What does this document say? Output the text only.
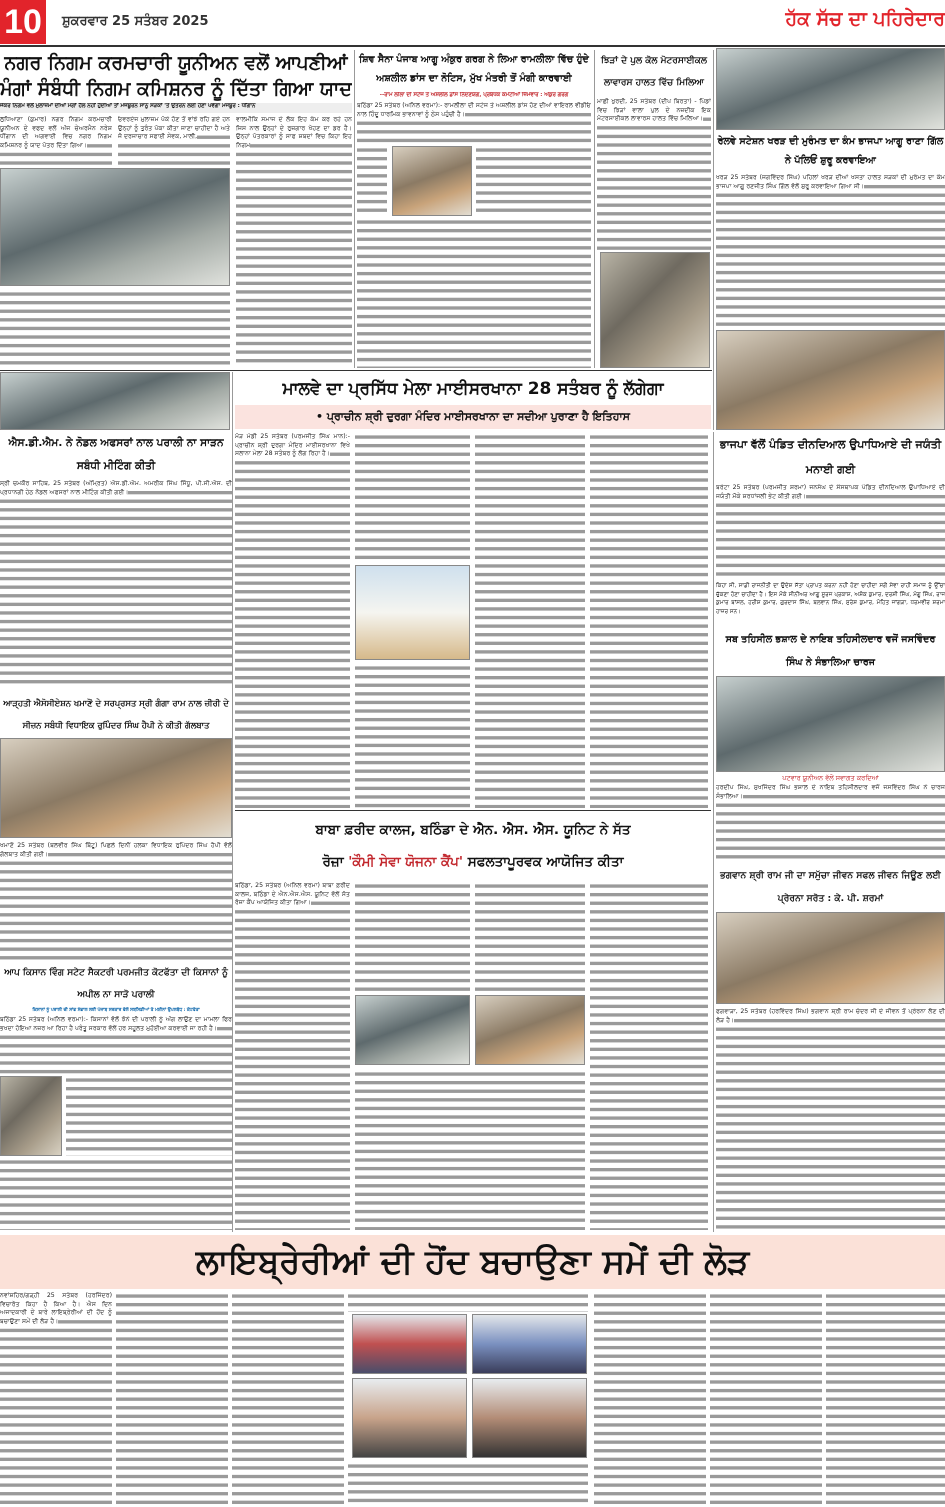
10	ਸ਼ੁਕਰਵਾਰ 25 ਸਤੰਬਰ 2025	ਹੱਕ ਸੱਚ ਦਾ ਪਹਿਰੇਦਾਰ
ਨਗਰ ਨਿਗਮ ਕਰਮਚਾਰੀ ਯੂਨੀਅਨ ਵਲੋਂ ਆਪਣੀਆਂ ਮੰਗਾਂ ਸੰਬੰਧੀ ਨਿਗਮ ਕਮਿਸ਼ਨਰ ਨੂੰ ਦਿੱਤਾ ਗਿਆ ਯਾਦ
ਜੇਕਰ ਨਿਗਮ ਵਲੋਂ ਮੁਲਾਜ਼ਮਾਂ ਦੀਆਂ ਮੰਗਾਂ ਹੱਲ ਨਹੀਂ ਹੁੰਦੀਆਂ ਤਾਂ ਮਜਬੂਰਨ ਸਾਨੂੰ ਸੜਕਾਂ 'ਤੇ ਉਤਰਨ ਲਈ ਹੋਣਾ ਪਵੇਗਾ ਮਜਬੂਰ : ਧੀਂਗਾਨ
ਲੁਧਿਆਣਾ (ਕੁਮਾਰ) ਨਗਰ ਨਿਗਮ ਕਰਮਚਾਰੀ ਯੂਨੀਅਨ ਦੇ ਵਫਦ ਵਲੋਂ ਅੱਜ ਚੇਅਰਮੈਨ ਨਰੇਸ਼ ਧੀਂਗਾਨ ਦੀ ਅਗਵਾਈ ਵਿਚ ਨਗਰ ਨਿਗਮ ਕਮਿਸ਼ਨਰ ਨੂੰ ਯਾਦ ਪੱਤਰ ਦਿੱਤਾ ਗਿਆ।
ਓਵਰਏਜ ਮੁਲਾਜ਼ਮ ਪੱਕੇ ਹੋਣ ਤੋਂ ਵਾਂਝੇ ਰਹਿ ਗਏ ਹਨ ਉਨ੍ਹਾਂ ਨੂੰ ਤੁਰੰਤ ਪੱਕਾ ਕੀਤਾ ਜਾਣਾ ਚਾਹੀਦਾ ਹੈ ਅਤੇ ਜੋ ਦਰਜਾਚਾਰ ਸਫਾਈ ਸੇਵਕ, ਮਾਲੀ,
ਵਾਲਮੀਕਿ ਸਮਾਜ ਦੇ ਲੋਕ ਇਹ ਕੰਮ ਕਰ ਰਹੇ ਹਨ ਜਿਸ ਨਾਲ ਉਨ੍ਹਾਂ ਦੇ ਰੁਜ਼ਗਾਰ ਖੋਹਣ ਦਾ ਡਰ ਹੈ। ਉਨ੍ਹਾਂ ਪੱਤਰਕਾਰਾਂ ਨੂੰ ਸਾਫ ਸ਼ਬਦਾਂ ਵਿਚ ਕਿਹਾ ਇਹ ਨਿਗਮ
ਸ਼ਿਵ ਸੈਨਾ ਪੰਜਾਬ ਆਗੂ ਅੰਕੁਰ ਗਰਗ ਨੇ ਲਿਆ ਰਾਮਲੀਲਾ ਵਿੱਚ ਹੁੰਦੇ ਅਸ਼ਲੀਲ ਡਾਂਸ ਦਾ ਨੋਟਿਸ, ਮੁੱਖ ਮੰਤਰੀ ਤੋਂ ਮੰਗੀ ਕਾਰਵਾਈ
--ਰਾਮ ਲੀਲਾ ਦੀ ਸਟੇਜ ਤੇ ਅਸ਼ਲੀਲ ਡਾਂਸ ਨਿੰਦਣਯੋਗ, ਪ੍ਰਬੰਧਕ ਕਮੇਟੀਆਂ ਜ਼ਿੰਮੇਵਾਰ : ਅੰਕੁਰ ਗਰਗ
ਬਠਿੰਡਾ 25 ਸਤੰਬਰ (ਅਨਿਲ ਵਰਮਾ):- ਰਾਮਲੀਲਾ ਦੀ ਸਟੇਜ ਤੇ ਅਸ਼ਲੀਲ ਡਾਂਸ ਹੋਣ ਦੀਆਂ ਵਾਇਰਲ ਵੀਡੀਓ ਨਾਲ ਹਿੰਦੂ ਧਾਰਮਿਕ ਭਾਵਨਾਵਾਂ ਨੂੰ ਠੇਸ ਪਹੁੰਚੀ ਹੈ।
ਝਿੜਾਂ ਦੇ ਪੁਲ ਕੋਲ ਮੋਟਰਸਾਈਕਲ ਲਾਵਾਰਸ ਹਾਲਤ ਵਿੱਚ ਮਿਲਿਆ
ਮਾਛੀ ਖੁਰਦੀ, 25 ਸਤੰਬਰ (ਦੀਪ ਬਿਰਤਾ) - ਪਿੰਡਾਂ ਵਿਚ ਝਿੜਾਂ ਵਾਲਾ ਪੁਲ ਦੇ ਨਜ਼ਦੀਕ ਇਕ ਮੋਟਰਸਾਈਕਲ ਲਾਵਾਰਸ ਹਾਲਤ ਵਿੱਚ ਮਿਲਿਆ।
ਰੇਲਵੇ ਸਟੇਸ਼ਨ ਖਰੜ ਦੀ ਮੁਰੰਮਤ ਦਾ ਕੰਮ ਭਾਜਪਾ ਆਗੂ ਰਾਣਾ ਗਿੱਲ ਨੇ ਪੱਲਿਓਂ ਸ਼ੁਰੂ ਕਰਵਾਇਆ
ਖਰੜ 25 ਸਤੰਬਰ (ਜਗਵਿੰਦਰ ਸਿੰਘ) ਪਹਿਲਾਂ ਖਰੜ ਦੀਆਂ ਖਸਤਾ ਹਾਲਤ ਸੜਕਾਂ ਦੀ ਮੁਰੰਮਤ ਦਾ ਕੰਮ ਭਾਜਪਾ ਆਗੂ ਰਣਜੀਤ ਸਿੰਘ ਗਿੱਲ ਵੱਲੋਂ ਸ਼ੁਰੂ ਕਰਵਾਇਆ ਗਿਆ ਸੀ।
ਮਾਲਵੇ ਦਾ ਪ੍ਰਸਿੱਧ ਮੇਲਾ ਮਾਈਸਰਖਾਨਾ 28 ਸਤੰਬਰ ਨੂੰ ਲੱਗੇਗਾ
• ਪ੍ਰਾਚੀਨ ਸ਼੍ਰੀ ਦੁਰਗਾ ਮੰਦਿਰ ਮਾਈਸਰਖਾਨਾ ਦਾ ਸਦੀਆ ਪੁਰਾਣਾ ਹੈ ਇਤਿਹਾਸ
ਮੋੜ ਮੰਡੀ 25 ਸਤੰਬਰ (ਪਰਮਜੀਤ ਸਿੰਘ ਮਾਨ):- ਪ੍ਰਾਚੀਨ ਸ਼੍ਰੀ ਦੁਰਗਾ ਮੰਦਿਰ ਮਾਈਸਰਖਾਨਾ ਵਿਖੇ ਸਲਾਨਾ ਮੇਲਾ 28 ਸਤੰਬਰ ਨੂੰ ਲੱਗ ਰਿਹਾ ਹੈ।
ਐਸ.ਡੀ.ਐਮ. ਨੇ ਨੋਡਲ ਅਫਸਰਾਂ ਨਾਲ ਪਰਾਲੀ ਨਾ ਸਾੜਨ ਸਬੰਧੀ ਮੀਟਿੰਗ ਕੀਤੀ
ਸ੍ਰੀ ਚਮਕੌਰ ਸਾਹਿਬ, 25 ਸਤੰਬਰ (ਅੰਮ੍ਰਿਤ) ਐਸ.ਡੀ.ਐਮ. ਅਮਰੀਕ ਸਿੰਘ ਸਿੱਧੂ, ਪੀ.ਸੀ.ਐਸ. ਦੀ ਪ੍ਰਧਾਨਗੀ ਹੇਠ ਨੋਡਲ ਅਫਸਰਾਂ ਨਾਲ ਮੀਟਿੰਗ ਕੀਤੀ ਗਈ।
ਆੜ੍ਹਤੀ ਐਸੋਸੀਏਸ਼ਨ ਖਮਾਣੋਂ ਦੇ ਸਰਪ੍ਰਸਤ ਸ੍ਰੀ ਗੰਗਾ ਰਾਮ ਨਾਲ ਜ਼ੀਰੀ ਦੇ ਸੀਜ਼ਨ ਸਬੰਧੀ ਵਿਧਾਇਕ ਰੁਪਿੰਦਰ ਸਿੰਘ ਹੈਪੀ ਨੇ ਕੀਤੀ ਗੱਲਬਾਤ
ਖਮਾਣੋਂ 25 ਸਤੰਬਰ (ਬਲਵੀਰ ਸਿੰਘ ਬਿੱਟੂ) ਪਿਛਲੇ ਦਿਨੀਂ ਹਲਕਾ ਵਿਧਾਇਕ ਰੁਪਿੰਦਰ ਸਿੰਘ ਹੈਪੀ ਵੱਲੋਂ ਗੱਲਬਾਤ ਕੀਤੀ ਗਈ।
ਆਪ ਕਿਸਾਨ ਵਿੰਗ ਸਟੇਟ ਸੈਕਟਰੀ ਪਰਮਜੀਤ ਕੋਟਫੱਤਾ ਦੀ ਕਿਸਾਨਾਂ ਨੂੰ ਅਪੀਲ ਨਾ ਸਾੜੋ ਪਰਾਲੀ
ਕਿਸਾਨਾਂ ਨੂੰ ਪਰਾਲੀ ਦੀ ਸਾਂਭ ਸੰਭਾਲ ਲਈ ਪੰਜਾਬ ਸਰਕਾਰ ਵੱਲੋਂ ਸਬਸਿਡੀਆਂ ਤੇ ਮਸ਼ੀਨਾਂ ਉਪਲਬੱਧ : ਕੋਟਫੱਤਾ
ਬਠਿੰਡਾ 25 ਸਤੰਬਰ (ਅਨਿਲ ਵਰਮਾ):- ਕਿਸਾਨਾਂ ਵੱਲੋਂ ਝੋਨੇ ਦੀ ਪਰਾਲੀ ਨੂੰ ਅੱਗ ਲਾਉਣ ਦਾ ਮਾਮਲਾ ਫਿਰ ਭਖਦਾ ਹੋਇਆ ਨਜ਼ਰ ਆ ਰਿਹਾ ਹੈ ਪਰੰਤੂ ਸਰਕਾਰ ਵੱਲੋਂ ਹਰ ਸਹੂਲਤ ਮੁਹੱਈਆ ਕਰਵਾਈ ਜਾ ਰਹੀ ਹੈ।
ਬਾਬਾ ਫ਼ਰੀਦ ਕਾਲਜ, ਬਠਿੰਡਾ ਦੇ ਐਨ. ਐਸ. ਐਸ. ਯੂਨਿਟ ਨੇ ਸੱਤ
ਰੋਜ਼ਾ 'ਕੌਮੀ ਸੇਵਾ ਯੋਜਨਾ ਕੈਂਪ' ਸਫਲਤਾਪੂਰਵਕ ਆਯੋਜਿਤ ਕੀਤਾ
ਬਠਿੰਡਾ, 25 ਸਤੰਬਰ (ਅਨਿਲ ਵਰਮਾ) ਬਾਬਾ ਫ਼ਰੀਦ ਕਾਲਜ, ਬਠਿੰਡਾ ਦੇ ਐਨ.ਐਸ.ਐਸ. ਯੂਨਿਟ ਵੱਲੋਂ ਸੱਤ ਰੋਜ਼ਾ ਕੈਂਪ ਆਯੋਜਿਤ ਕੀਤਾ ਗਿਆ।
ਭਾਜਪਾ ਵੱਲੋਂ ਪੰਡਿਤ ਦੀਨਦਿਆਲ ਉਪਾਧਿਆਏ ਦੀ ਜਯੰਤੀ ਮਨਾਈ ਗਈ
ਬਰੇਟਾ 25 ਸਤੰਬਰ (ਪਰਮਜੀਤ ਸ਼ਰਮਾ) ਜਨਸੰਘ ਦੇ ਸੰਸਥਾਪਕ ਪੰਡਿਤ ਦੀਨਦਿਆਲ ਉਪਾਧਿਆਏ ਦੀ ਜਯੰਤੀ ਮੌਕੇ ਸ਼ਰਧਾਂਜਲੀ ਭੇਟ ਕੀਤੀ ਗਈ।
ਕਿਹਾ ਸੀ, ਸਾਡੀ ਰਾਜਨੀਤੀ ਦਾ ਉਦੇਸ਼ ਸੱਤਾ ਪ੍ਰਾਪਤ ਕਰਨਾ ਨਹੀਂ ਹੋਣਾ ਚਾਹੀਦਾ ਸਗੋਂ ਸੇਵਾ ਰਾਹੀਂ ਸਮਾਜ ਨੂੰ ਉੱਚਾ ਚੁੱਕਣਾ ਹੋਣਾ ਚਾਹੀਦਾ ਹੈ। ਇਸ ਮੌਕੇ ਸੀਨੀਅਰ ਆਗੂ ਸੂਰਜ ਪ੍ਰਕਾਸ਼, ਅਸ਼ੋਕ ਕੁਮਾਰ, ਦਰਸ਼ੀ ਸਿੰਘ, ਮੰਗੂ ਸਿੰਘ, ਰਾਜ ਕੁਮਾਰ ਬਾਂਸਲ, ਹਰੀਸ਼ ਕੁਮਾਰ, ਗੁਰਦਾਸ ਸਿੰਘ, ਬਲਵਾਨ ਸਿੰਘ, ਸੁਰੇਸ਼ ਕੁਮਾਰ, ਮੋਹਿਤ ਜਾਂਗੜਾ, ਧਰਮਵੀਰ ਸ਼ਰਮਾ ਹਾਜ਼ਰ ਸਨ।
ਸਬ ਤਹਿਸੀਲ ਭਸ਼ਾਲ ਦੇ ਨਾਇਬ ਤਹਿਸੀਲਦਾਰ ਵਜੋਂ ਜਸਵਿੰਦਰ ਸਿੰਘ ਨੇ ਸੰਭਾਲਿਆ ਚਾਰਜ
ਪਟਵਾਰ ਯੂਨੀਅਨ ਵੱਲੋਂ ਸਵਾਗਤ ਕਰਦਿਆਂ
ਹਰਦੀਪ ਸਿੰਘ, ਸੁਖਜਿੰਦਰ ਸਿੰਘ ਭਸ਼ਾਲ ਦੇ ਨਾਇਬ ਤਹਿਸੀਲਦਾਰ ਵਜੋਂ ਜਸਵਿੰਦਰ ਸਿੰਘ ਨੇ ਚਾਰਜ ਸੰਭਾਲਿਆ।
ਭਗਵਾਨ ਸ਼੍ਰੀ ਰਾਮ ਜੀ ਦਾ ਸਮੁੱਚਾ ਜੀਵਨ ਸਫਲ ਜੀਵਨ ਜਿਊਣ ਲਈ ਪ੍ਰੇਰਨਾ ਸਰੋਤ : ਕੇ. ਪੀ. ਸ਼ਰਮਾਂ
ਫਗਵਾੜਾ, 25 ਸਤੰਬਰ (ਹਰਵਿੰਦਰ ਸਿੰਘ) ਭਗਵਾਨ ਸ਼੍ਰੀ ਰਾਮ ਚੰਦਰ ਜੀ ਦੇ ਜੀਵਨ ਤੋਂ ਪ੍ਰੇਰਨਾ ਲੈਣ ਦੀ ਲੋੜ ਹੈ।
ਲਾਇਬ੍ਰੇਰੀਆਂ ਦੀ ਹੋਂਦ ਬਚਾਉਣਾ ਸਮੇਂ ਦੀ ਲੋੜ
ਨਵਾਂਸ਼ਹਿਰ/ਗੜ੍ਹੀ 25 ਸਤੰਬਰ (ਹਰਜਿੰਦਰ) ਵਿਚਾਰੋਤ ਕਿਹਾ ਹੈ ਕਿਆ ਹੈ। ਐਸ ਦਿਨ ਅਜਾਦਕਾਰੀ ਦੇ ਬਾਰੇ ਲਾਇਬ੍ਰੇਰੀਆਂ ਦੀ ਹੋਂਦ ਨੂੰ ਬਚਾਉਣਾ ਸਮੇਂ ਦੀ ਲੋੜ ਹੈ।
